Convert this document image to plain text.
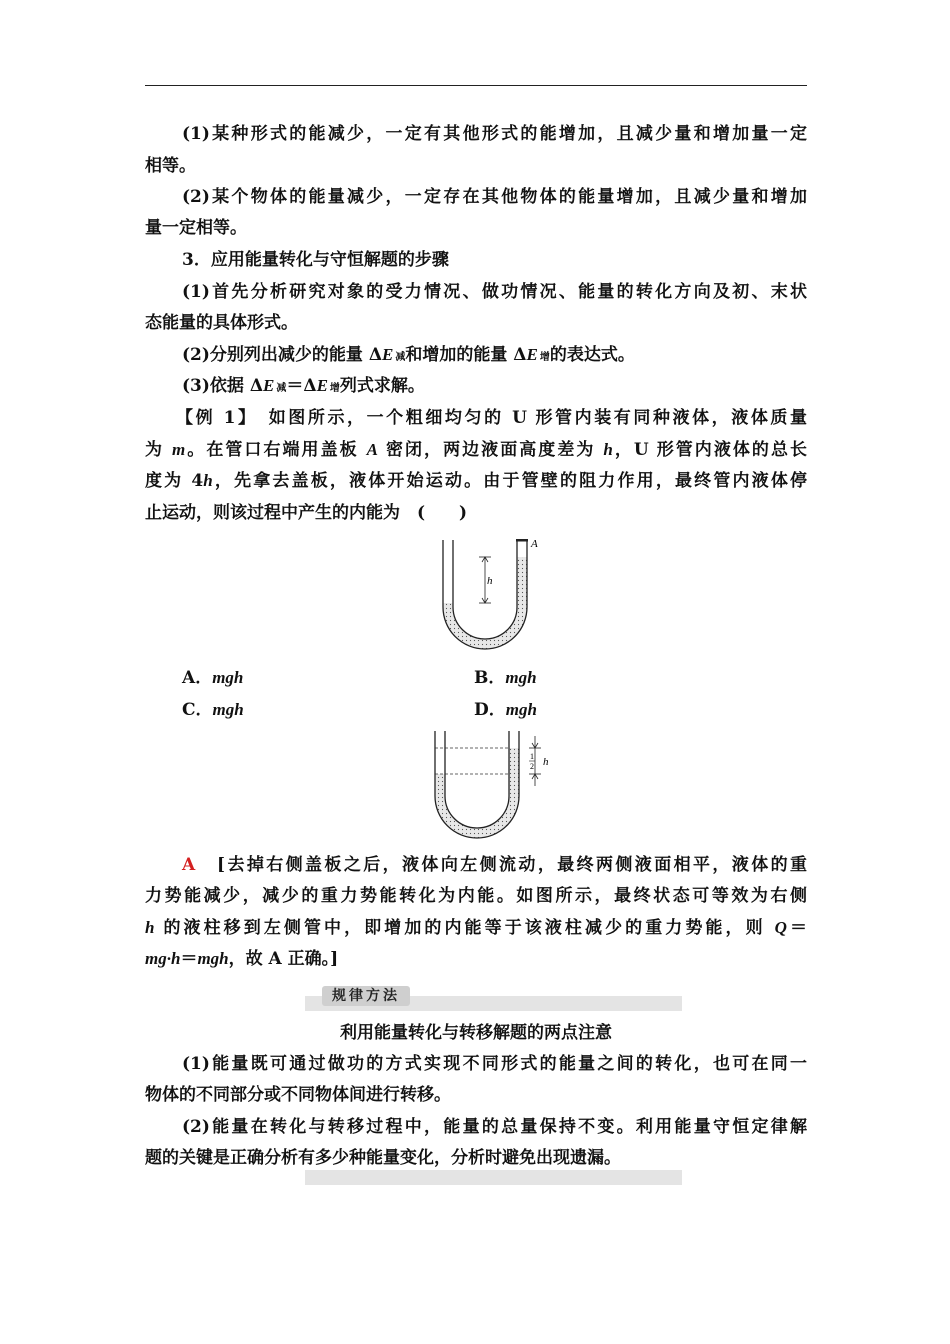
(1)某种形式的能减少，一定有其他形式的能增加，且减少量和增加量一定
相等。
(2)某个物体的能量减少，一定存在其他物体的能量增加，且减少量和增加
量一定相等。
3．应用能量转化与守恒解题的步骤
(1)首先分析研究对象的受力情况、做功情况、能量的转化方向及初、末状
态能量的具体形式。
(2)分别列出减少的能量 ΔE 减和增加的能量 ΔE 增的表达式。
(3)依据 ΔE 减＝ΔE 增列式求解。
【例 1】　如图所示，一个粗细均匀的 U 形管内装有同种液体，液体质量
为 m。在管口右端用盖板 A 密闭，两边液面高度差为 h，U 形管内液体的总长
度为 4h，先拿去盖板，液体开始运动。由于管壁的阻力作用，最终管内液体停
止运动，则该过程中产生的内能为　(　　)
h
A
A．mgh	B．mgh
C．mgh	D．mgh
1
2 h
A　[去掉右侧盖板之后，液体向左侧流动，最终两侧液面相平，液体的重
力势能减少，减少的重力势能转化为内能。如图所示，最终状态可等效为右侧
h 的液柱移到左侧管中，即增加的内能等于该液柱减少的重力势能，则 Q＝
mg·h＝mgh，故 A 正确。]
规律方法
利用能量转化与转移解题的两点注意
(1)能量既可通过做功的方式实现不同形式的能量之间的转化，也可在同一
物体的不同部分或不同物体间进行转移。
(2)能量在转化与转移过程中，能量的总量保持不变。利用能量守恒定律解
题的关键是正确分析有多少种能量变化，分析时避免出现遗漏。
